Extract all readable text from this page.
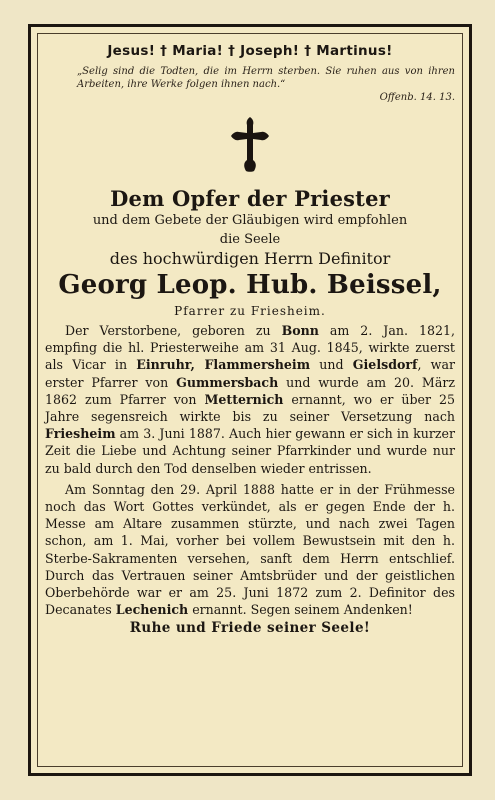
Jesus! † Maria! † Joseph! † Martinus!
„Selig sind die Todten, die im Herrn sterben. Sie ruhen aus von ihren Arbeiten, ihre Werke folgen ihnen nach.“
Offenb. 14. 13.
Dem Opfer der Priester
und dem Gebete der Gläubigen wird empfohlen
die Seele
des hochwürdigen Herrn Definitor
Georg Leop. Hub. Beissel,
Pfarrer zu Friesheim.
Der Verstorbene, geboren zu Bonn am 2. Jan. 1821, empfing die hl. Priesterweihe am 31 Aug. 1845, wirkte zuerst als Vicar in Einruhr, Flammersheim und Gielsdorf, war erster Pfarrer von Gummersbach und wurde am 20. März 1862 zum Pfarrer von Metternich ernannt, wo er über 25 Jahre segensreich wirkte bis zu seiner Versetzung nach Friesheim am 3. Juni 1887. Auch hier gewann er sich in kurzer Zeit die Liebe und Achtung seiner Pfarrkinder und wurde nur zu bald durch den Tod denselben wieder entrissen.
Am Sonntag den 29. April 1888 hatte er in der Frühmesse noch das Wort Gottes verkündet, als er gegen Ende der h. Messe am Altare zusammen stürzte, und nach zwei Tagen schon, am 1. Mai, vorher bei vollem Bewustsein mit den h. Sterbe-Sakramenten versehen, sanft dem Herrn entschlief. Durch das Vertrauen seiner Amtsbrüder und der geistlichen Oberbehörde war er am 25. Juni 1872 zum 2. Definitor des Decanates Lechenich ernannt. Segen seinem Andenken!
Ruhe und Friede seiner Seele!
